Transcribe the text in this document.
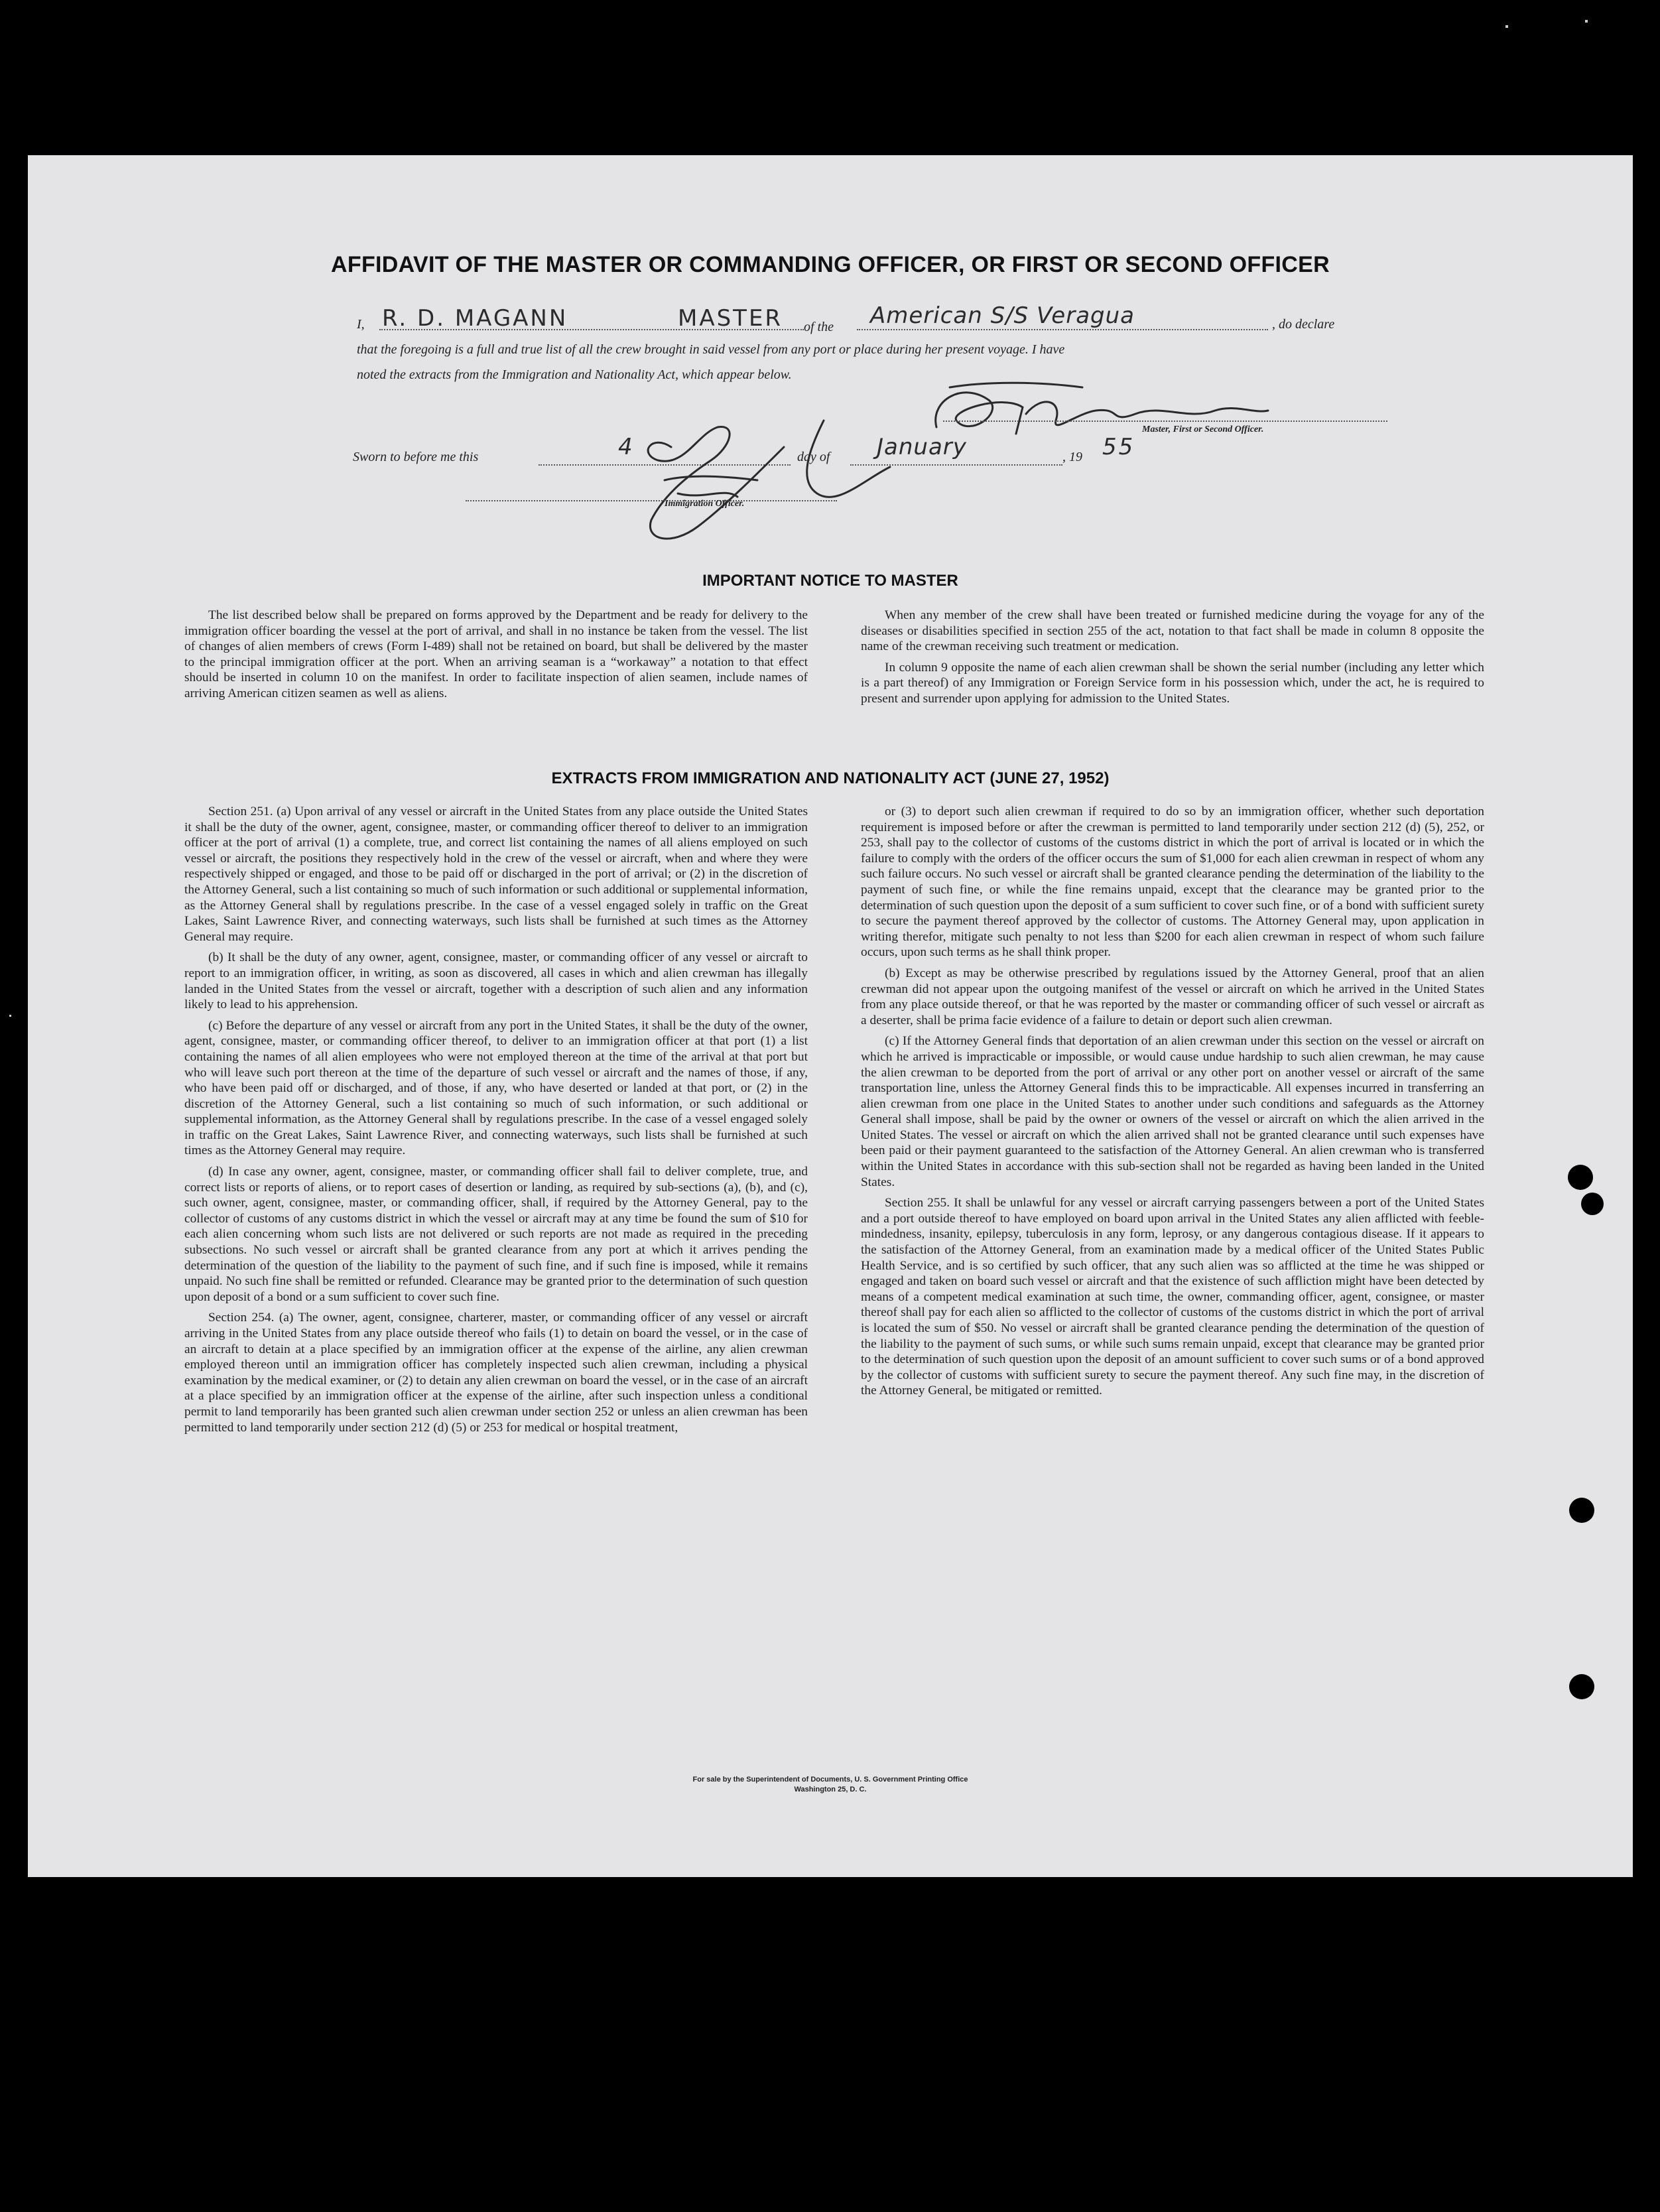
AFFIDAVIT OF THE MASTER OR COMMANDING OFFICER, OR FIRST OR SECOND OFFICER
I, R. D. MAGANN	MASTER of the American S/S Veragua	, do declare
that the foregoing is a full and true list of all the crew brought in said vessel from any port or place during her present voyage. I have
noted the extracts from the Immigration and Nationality Act, which appear below.
Master, First or Second Officer.
Sworn to before me this	4	day of January	, 19 55
Immigration Officer.
IMPORTANT NOTICE TO MASTER

The list described below shall be prepared on forms approved by the Department and be ready for delivery to the immigration officer boarding the vessel at the port of arrival, and shall in no instance be taken from the vessel. The list of changes of alien members of crews (Form I-489) shall not be retained on board, but shall be delivered by the master to the principal immigration officer at the port. When an arriving seaman is a “workaway” a notation to that effect should be inserted in column 10 on the manifest. In order to facilitate inspection of alien seamen, include names of arriving American citizen seamen as well as aliens.

When any member of the crew shall have been treated or furnished medicine during the voyage for any of the diseases or disabilities specified in section 255 of the act, notation to that fact shall be made in column 8 opposite the name of the crewman receiving such treatment or medication.

In column 9 opposite the name of each alien crewman shall be shown the serial number (including any letter which is a part thereof) of any Immigration or Foreign Service form in his possession which, under the act, he is required to present and surrender upon applying for admission to the United States.

EXTRACTS FROM IMMIGRATION AND NATIONALITY ACT (JUNE 27, 1952)

Section 251. (a) Upon arrival of any vessel or aircraft in the United States from any place outside the United States it shall be the duty of the owner, agent, consignee, master, or commanding officer thereof to deliver to an immigration officer at the port of arrival (1) a complete, true, and correct list containing the names of all aliens employed on such vessel or aircraft, the positions they respectively hold in the crew of the vessel or aircraft, when and where they were respectively shipped or engaged, and those to be paid off or discharged in the port of arrival; or (2) in the discretion of the Attorney General, such a list containing so much of such information or such additional or supplemental information, as the Attorney General shall by regulations prescribe. In the case of a vessel engaged solely in traffic on the Great Lakes, Saint Lawrence River, and connecting waterways, such lists shall be furnished at such times as the Attorney General may require.

(b) It shall be the duty of any owner, agent, consignee, master, or commanding officer of any vessel or aircraft to report to an immigration officer, in writing, as soon as discovered, all cases in which and alien crewman has illegally landed in the United States from the vessel or aircraft, together with a description of such alien and any information likely to lead to his apprehension.

(c) Before the departure of any vessel or aircraft from any port in the United States, it shall be the duty of the owner, agent, consignee, master, or commanding officer thereof, to deliver to an immigration officer at that port (1) a list containing the names of all alien employees who were not employed thereon at the time of the arrival at that port but who will leave such port thereon at the time of the departure of such vessel or aircraft and the names of those, if any, who have been paid off or discharged, and of those, if any, who have deserted or landed at that port, or (2) in the discretion of the Attorney General, such a list containing so much of such information, or such additional or supplemental information, as the Attorney General shall by regulations prescribe. In the case of a vessel engaged solely in traffic on the Great Lakes, Saint Lawrence River, and connecting waterways, such lists shall be furnished at such times as the Attorney General may require.

(d) In case any owner, agent, consignee, master, or commanding officer shall fail to deliver complete, true, and correct lists or reports of aliens, or to report cases of desertion or landing, as required by sub-sections (a), (b), and (c), such owner, agent, consignee, master, or commanding officer, shall, if required by the Attorney General, pay to the collector of customs of any customs district in which the vessel or aircraft may at any time be found the sum of $10 for each alien concerning whom such lists are not delivered or such reports are not made as required in the preceding subsections. No such vessel or aircraft shall be granted clearance from any port at which it arrives pending the determination of the question of the liability to the payment of such fine, and if such fine is imposed, while it remains unpaid. No such fine shall be remitted or refunded. Clearance may be granted prior to the determination of such question upon deposit of a bond or a sum sufficient to cover such fine.

Section 254. (a) The owner, agent, consignee, charterer, master, or commanding officer of any vessel or aircraft arriving in the United States from any place outside thereof who fails (1) to detain on board the vessel, or in the case of an aircraft to detain at a place specified by an immigration officer at the expense of the airline, any alien crewman employed thereon until an immigration officer has completely inspected such alien crewman, including a physical examination by the medical examiner, or (2) to detain any alien crewman on board the vessel, or in the case of an aircraft at a place specified by an immigration officer at the expense of the airline, after such inspection unless a conditional permit to land temporarily has been granted such alien crewman under section 252 or unless an alien crewman has been permitted to land temporarily under section 212 (d) (5) or 253 for medical or hospital treatment,

or (3) to deport such alien crewman if required to do so by an immigration officer, whether such deportation requirement is imposed before or after the crewman is permitted to land temporarily under section 212 (d) (5), 252, or 253, shall pay to the collector of customs of the customs district in which the port of arrival is located or in which the failure to comply with the orders of the officer occurs the sum of $1,000 for each alien crewman in respect of whom any such failure occurs. No such vessel or aircraft shall be granted clearance pending the determination of the liability to the payment of such fine, or while the fine remains unpaid, except that the clearance may be granted prior to the determination of such question upon the deposit of a sum sufficient to cover such fine, or of a bond with sufficient surety to secure the payment thereof approved by the collector of customs. The Attorney General may, upon application in writing therefor, mitigate such penalty to not less than $200 for each alien crewman in respect of whom such failure occurs, upon such terms as he shall think proper.

(b) Except as may be otherwise prescribed by regulations issued by the Attorney General, proof that an alien crewman did not appear upon the outgoing manifest of the vessel or aircraft on which he arrived in the United States from any place outside thereof, or that he was reported by the master or commanding officer of such vessel or aircraft as a deserter, shall be prima facie evidence of a failure to detain or deport such alien crewman.

(c) If the Attorney General finds that deportation of an alien crewman under this section on the vessel or aircraft on which he arrived is impracticable or impossible, or would cause undue hardship to such alien crewman, he may cause the alien crewman to be deported from the port of arrival or any other port on another vessel or aircraft of the same transportation line, unless the Attorney General finds this to be impracticable. All expenses incurred in transferring an alien crewman from one place in the United States to another under such conditions and safeguards as the Attorney General shall impose, shall be paid by the owner or owners of the vessel or aircraft on which the alien arrived in the United States. The vessel or aircraft on which the alien arrived shall not be granted clearance until such expenses have been paid or their payment guaranteed to the satisfaction of the Attorney General. An alien crewman who is transferred within the United States in accordance with this sub-section shall not be regarded as having been landed in the United States.

Section 255. It shall be unlawful for any vessel or aircraft carrying passengers between a port of the United States and a port outside thereof to have employed on board upon arrival in the United States any alien afflicted with feeble-mindedness, insanity, epilepsy, tuberculosis in any form, leprosy, or any dangerous contagious disease. If it appears to the satisfaction of the Attorney General, from an examination made by a medical officer of the United States Public Health Service, and is so certified by such officer, that any such alien was so afflicted at the time he was shipped or engaged and taken on board such vessel or aircraft and that the existence of such affliction might have been detected by means of a competent medical examination at such time, the owner, commanding officer, agent, consignee, or master thereof shall pay for each alien so afflicted to the collector of customs of the customs district in which the port of arrival is located the sum of $50. No vessel or aircraft shall be granted clearance pending the determination of the question of the liability to the payment of such sums, or while such sums remain unpaid, except that clearance may be granted prior to the determination of such question upon the deposit of an amount sufficient to cover such sums or of a bond approved by the collector of customs with sufficient surety to secure the payment thereof. Any such fine may, in the discretion of the Attorney General, be mitigated or remitted.

For sale by the Superintendent of Documents, U. S. Government Printing Office
Washington 25, D. C.
